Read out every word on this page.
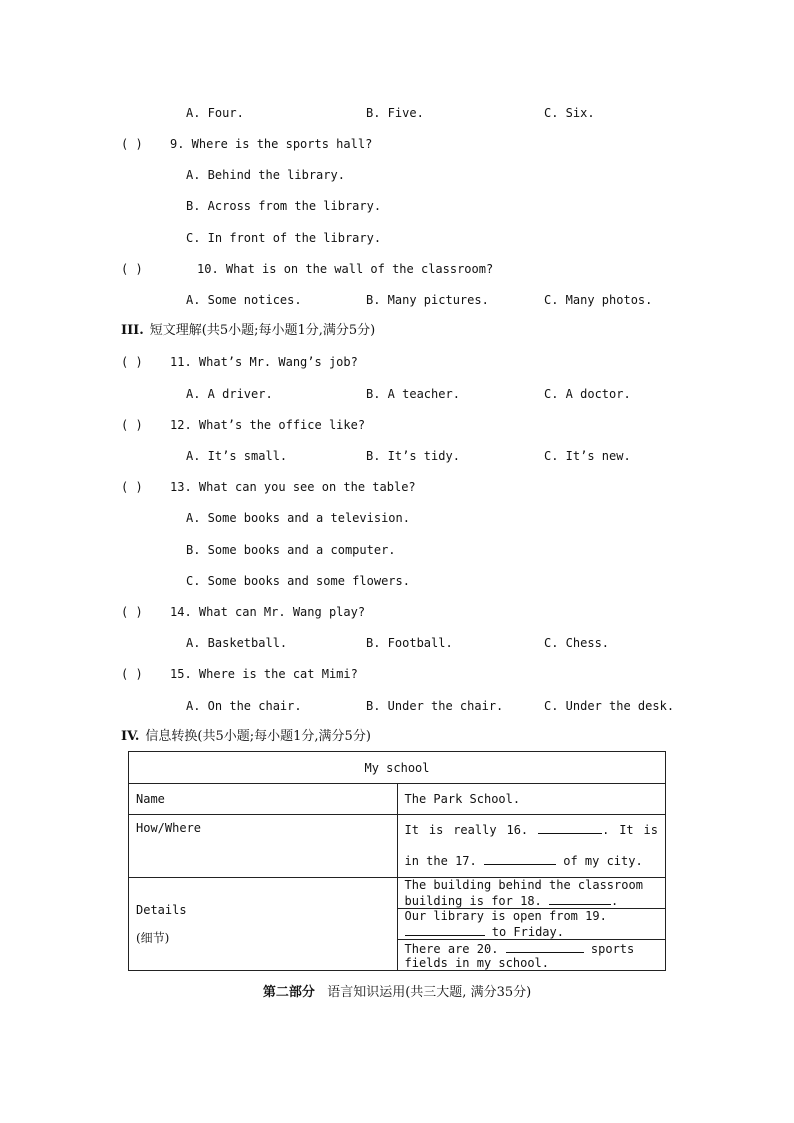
A. Four.	B. Five.	C. Six.
( ) 9. Where is the sports hall?
A. Behind the library.
B. Across from the library.
C. In front of the library.
( )	10. What is on the wall of the classroom?
A. Some notices.	B. Many pictures.	C. Many photos.
III. 短文理解(共5小题;每小题1分,满分5分)
( ) 11. What’s Mr. Wang’s job?
A. A driver.	B. A teacher.	C. A doctor.
( ) 12. What’s the office like?
A. It’s small.	B. It’s tidy.	C. It’s new.
( ) 13. What can you see on the table?
A. Some books and a television.
B. Some books and a computer.
C. Some books and some flowers.
( ) 14. What can Mr. Wang play?
A. Basketball.	B. Football.	C. Chess.
( ) 15. Where is the cat Mimi?
A. On the chair.	B. Under the chair.	C. Under the desk.
IV. 信息转换(共5小题;每小题1分,满分5分)
My school	
Name	The Park School.
How/Where	It is really 16. . It is in the 17. of my city.

Details
(细节)	The building behind the classroom building is for 18. .
	Our library is open from 19.  to Friday.
	There are 20. sports fields in my school.
第二部分 语言知识运用(共三大题, 满分35分)
